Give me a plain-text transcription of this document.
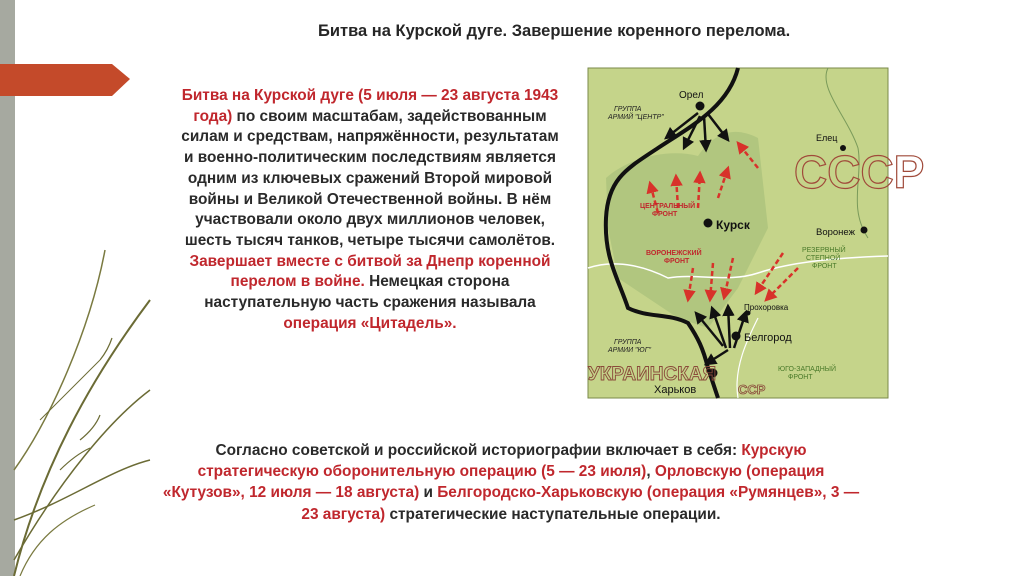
Битва на Курской дуге. Завершение коренного перелома.
Битва на Курской дуге (5 июля — 23 августа 1943 года) по своим масштабам, задействованным силам и средствам, напряжённости, результатам и военно-политическим последствиям является одним из ключевых сражений Второй мировой войны и Великой Отечественной войны. В нём участвовали около двух миллионов человек, шесть тысяч танков, четыре тысячи самолётов. Завершает вместе с битвой за Днепр коренной перелом в войне. Немецкая сторона наступательную часть сражения называла операция «Цитадель».
СССР
УКРАИНСКАЯ
ССР
Орел
Елец
Курск
Воронеж
Прохоровка
Белгород
Харьков
ГРУППА
АРМИЙ "ЦЕНТР"
ГРУППА
АРМИИ "ЮГ"
ЦЕНТРАЛЬНЫЙ
ФРОНТ
ВОРОНЕЖСКИЙ
ФРОНТ
РЕЗЕРВНЫЙ
СТЕПНОЙ
ФРОНТ
ЮГО-ЗАПАДНЫЙ
ФРОНТ
Согласно советской и российской историографии включает в себя: Курскую стратегическую оборонительную операцию (5 — 23 июля), Орловскую (операция «Кутузов», 12 июля — 18 августа) и Белгородско-Харьковскую (операция «Румянцев», 3 — 23 августа) стратегические наступательные операции.
